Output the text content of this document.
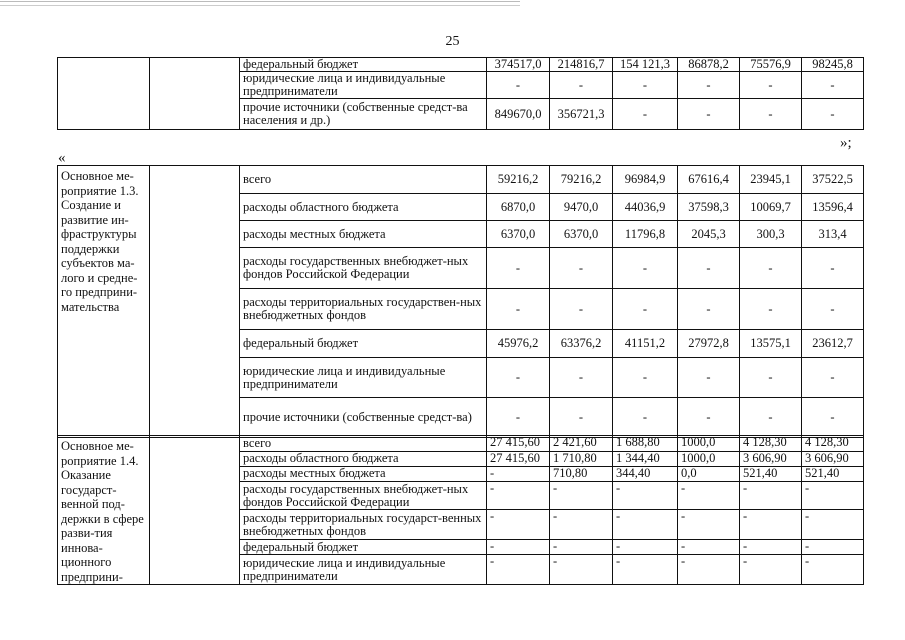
25
		федеральный бюджет	374517,0	214816,7	154 121,3	86878,2	75576,9	98245,8
		юридические лица и индивидуальные предприниматели	-	-	-	-	-	-
		прочие источники (собственные средст-ва населения и др.)	849670,0	356721,3	-	-	-	-
»;
«
Основное ме-роприятие 1.3. Создание и развитие ин-фраструктуры поддержки субъектов ма-лого и средне-го предприни-мательства		всего	59216,2	79216,2	96984,9	67616,4	23945,1	37522,5
		расходы областного бюджета	6870,0	9470,0	44036,9	37598,3	10069,7	13596,4
		расходы местных бюджета	6370,0	6370,0	11796,8	2045,3	300,3	313,4
		расходы государственных внебюджет-ных фондов Российской Федерации	-	-	-	-	-	-
		расходы территориальных государствен-ных внебюджетных фондов	-	-	-	-	-	-
		федеральный бюджет	45976,2	63376,2	41151,2	27972,8	13575,1	23612,7
		юридические лица и индивидуальные предприниматели	-	-	-	-	-	-
		прочие источники (собственные средст-ва)	-	-	-	-	-	-
Основное ме-роприятие 1.4. Оказание государст-венной под-держки в сфере разви-тия иннова-ционного предприни-		всего	27 415,60	2 421,60	1 688,80	1000,0	4 128,30	4 128,30
		расходы областного бюджета	27 415,60	1 710,80	1 344,40	1000,0	3 606,90	3 606,90
		расходы местных бюджета	-	710,80	344,40	0,0	521,40	521,40
		расходы государственных внебюджет-ных фондов Российской Федерации	-	-	-	-	-	-
		расходы территориальных государст-венных внебюджетных фондов	-	-	-	-	-	-
		федеральный бюджет	-	-	-	-	-	-
		юридические лица и индивидуальные предприниматели	-	-	-	-	-	-
